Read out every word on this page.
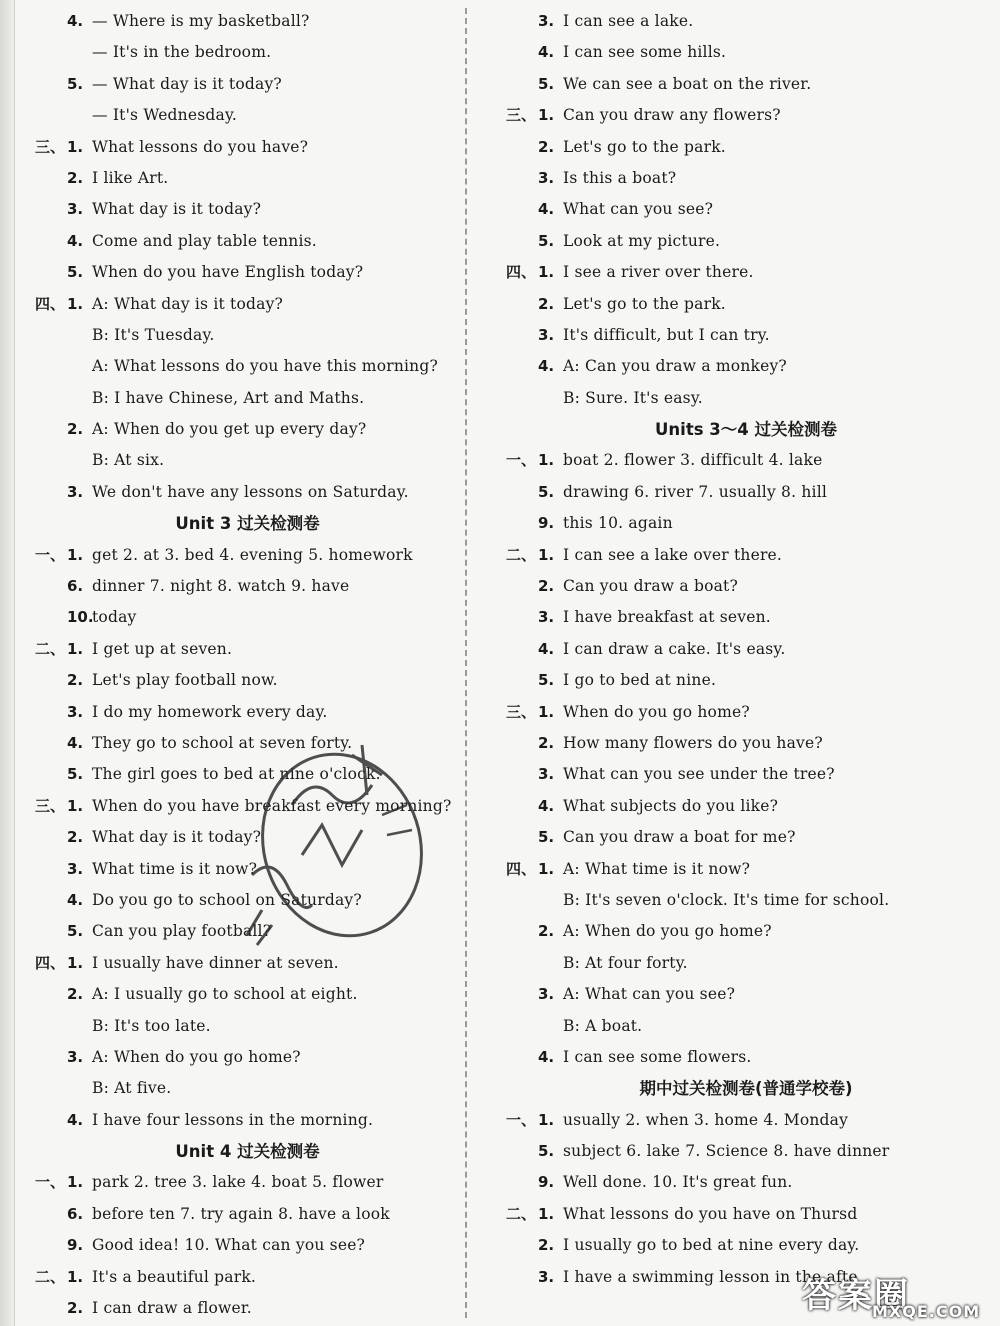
4. — Where is my basketball?
— It's in the bedroom.
5. — What day is it today?
— It's Wednesday.
三、 1. What lessons do you have?
2. I like Art.
3. What day is it today?
4. Come and play table tennis.
5. When do you have English today?
四、 1. A: What day is it today?
B: It's Tuesday.
A: What lessons do you have this morning?
B: I have Chinese, Art and Maths.
2. A: When do you get up every day?
B: At six.
3. We don't have any lessons on Saturday.
Unit 3 过关检测卷
一、 1. get 2. at 3. bed 4. evening 5. homework
6. dinner 7. night 8. watch 9. have
10.
today
二、 1. I get up at seven.
2. Let's play football now.
3. I do my homework every day.
4. They go to school at seven forty.
5. The girl goes to bed at nine o'clock.
三、 1. When do you have breakfast every morning?
2. What day is it today?
3. What time is it now?
4. Do you go to school on Saturday?
5. Can you play football?
四、 1. I usually have dinner at seven.
2. A: I usually go to school at eight.
B: It's too late.
3. A: When do you go home?
B: At five.
4. I have four lessons in the morning.
Unit 4 过关检测卷
一、 1. park 2. tree 3. lake 4. boat 5. flower
6. before ten 7. try again 8. have a look
9. Good idea! 10. What can you see?
二、 1. It's a beautiful park.
2. I can draw a flower.
3. I can see a lake.
4. I can see some hills.
5. We can see a boat on the river.
三、 1. Can you draw any flowers?
2. Let's go to the park.
3. Is this a boat?
4. What can you see?
5. Look at my picture.
四、 1. I see a river over there.
2. Let's go to the park.
3. It's difficult, but I can try.
4. A: Can you draw a monkey?
B: Sure. It's easy.
Units 3～4 过关检测卷
一、 1. boat 2. flower 3. difficult 4. lake
5. drawing 6. river 7. usually 8. hill
9. this 10. again
二、 1. I can see a lake over there.
2. Can you draw a boat?
3. I have breakfast at seven.
4. I can draw a cake. It's easy.
5. I go to bed at nine.
三、 1. When do you go home?
2. How many flowers do you have?
3. What can you see under the tree?
4. What subjects do you like?
5. Can you draw a boat for me?
四、 1. A: What time is it now?
B: It's seven o'clock. It's time for school.
2. A: When do you go home?
B: At four forty.
3. A: What can you see?
B: A boat.
4. I can see some flowers.
期中过关检测卷(普通学校卷)
一、 1. usually 2. when 3. home 4. Monday
5. subject 6. lake 7. Science 8. have dinner
9. Well done. 10. It's great fun.
二、 1. What lessons do you have on Thursd
2. I usually go to bed at nine every day.
3. I have a swimming lesson in the afte
答案圈
MXQE.COM
